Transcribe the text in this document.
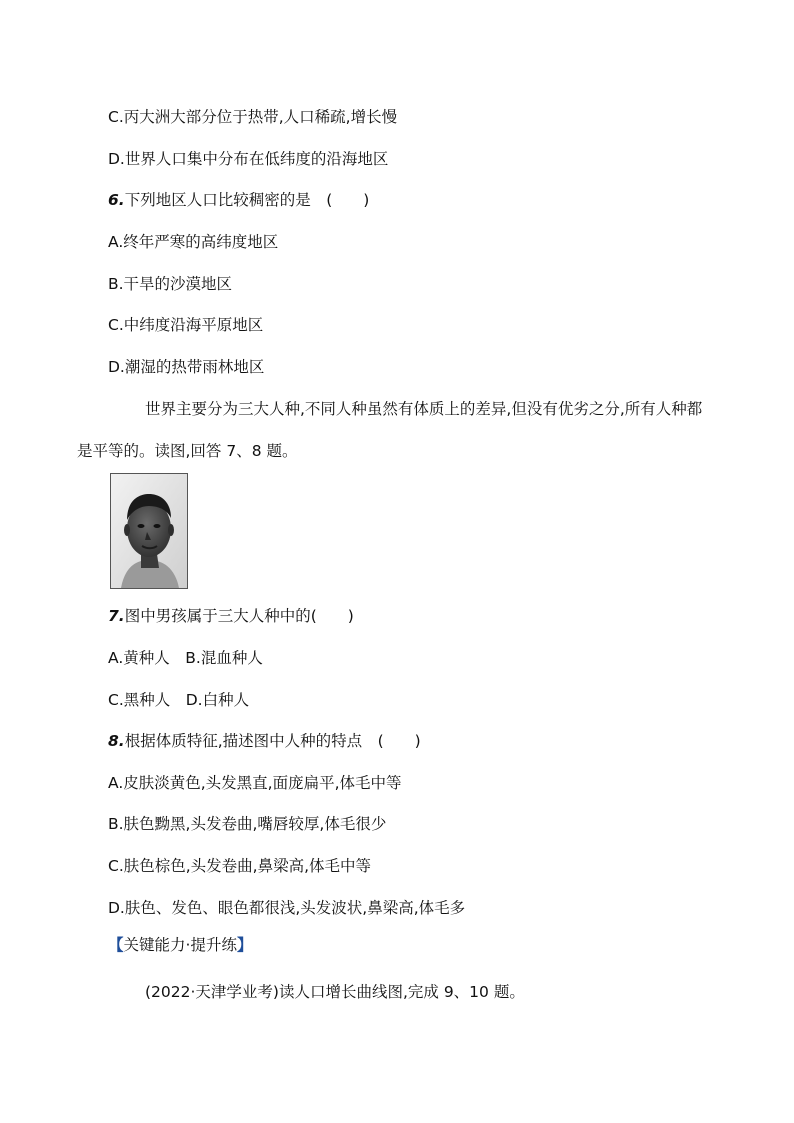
C.丙大洲大部分位于热带,人口稀疏,增长慢
D.世界人口集中分布在低纬度的沿海地区
6.下列地区人口比较稠密的是　(　　)
A.终年严寒的高纬度地区
B.干旱的沙漠地区
C.中纬度沿海平原地区
D.潮湿的热带雨林地区
世界主要分为三大人种,不同人种虽然有体质上的差异,但没有优劣之分,所有人种都
是平等的。读图,回答 7、8 题。
7.图中男孩属于三大人种中的(　　)
A.黄种人　B.混血种人
C.黑种人　D.白种人
8.根据体质特征,描述图中人种的特点　(　　)
A.皮肤淡黄色,头发黑直,面庞扁平,体毛中等
B.肤色黝黑,头发卷曲,嘴唇较厚,体毛很少
C.肤色棕色,头发卷曲,鼻梁高,体毛中等
D.肤色、发色、眼色都很浅,头发波状,鼻梁高,体毛多
【关键能力·提升练】
(2022·天津学业考)读人口增长曲线图,完成 9、10 题。
